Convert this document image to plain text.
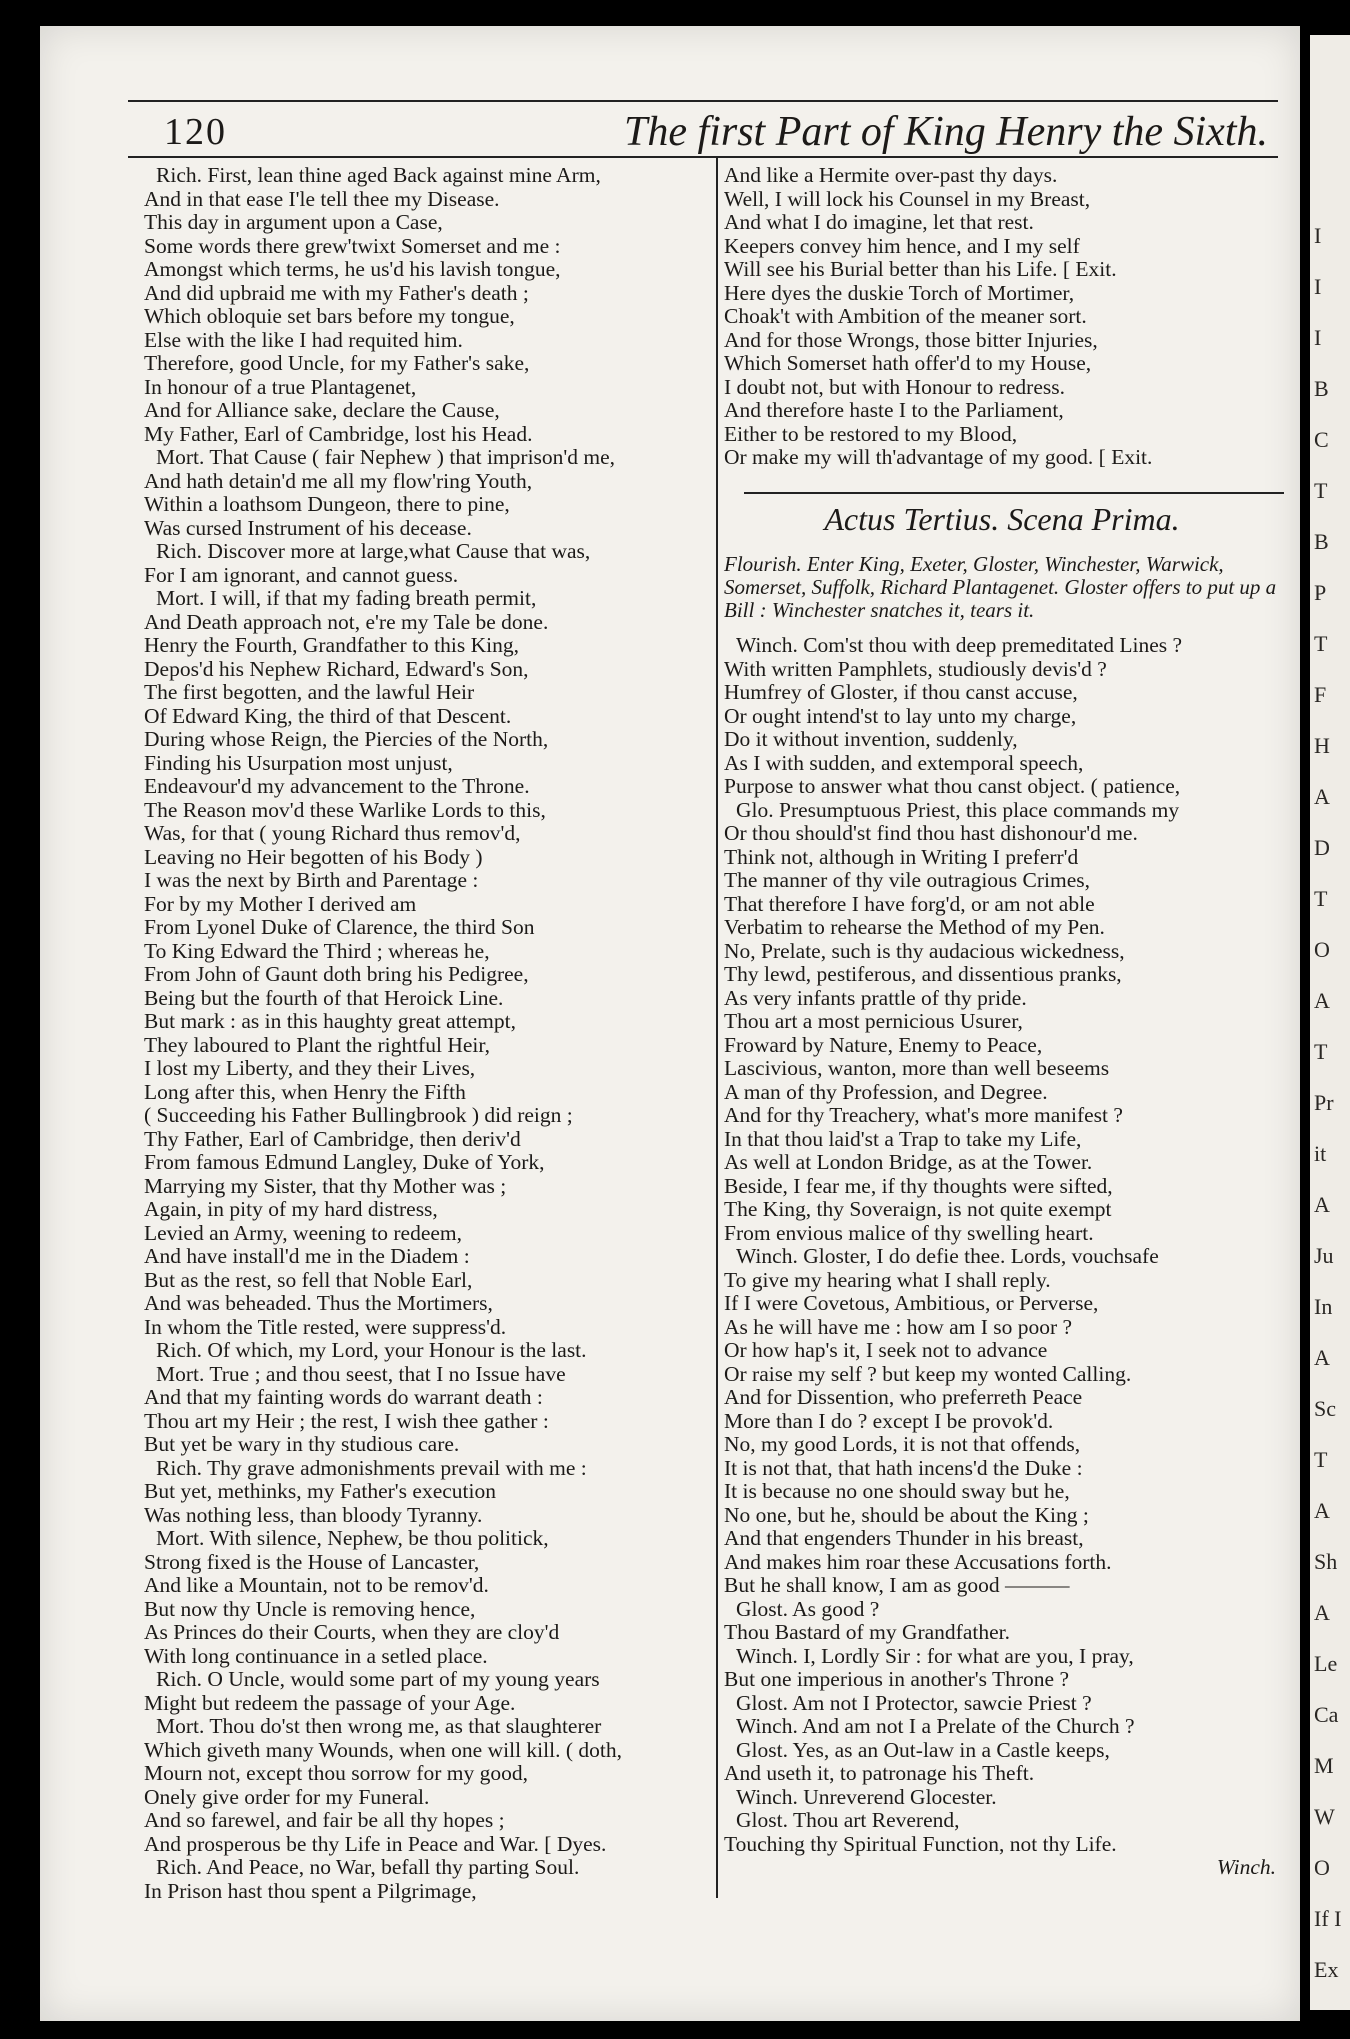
I
I
I
B
C
T
B
P
T
F
H
A
D
T
O
A
T
Pr
it
A
Ju
In
A
Sc
T
A
Sh
A
Le
Ca
M
W
O
If I
Ex
120	The first Part of King Henry the Sixth.
Rich. First, lean thine aged Back against mine Arm,
And in that ease I'le tell thee my Disease.
This day in argument upon a Case,
Some words there grew'twixt Somerset and me :
Amongst which terms, he us'd his lavish tongue,
And did upbraid me with my Father's death ;
Which obloquie set bars before my tongue,
Else with the like I had requited him.
Therefore, good Uncle, for my Father's sake,
In honour of a true Plantagenet,
And for Alliance sake, declare the Cause,
My Father, Earl of Cambridge, lost his Head.
Mort. That Cause ( fair Nephew ) that imprison'd me,
And hath detain'd me all my flow'ring Youth,
Within a loathsom Dungeon, there to pine,
Was cursed Instrument of his decease.
Rich. Discover more at large,what Cause that was,
For I am ignorant, and cannot guess.
Mort. I will, if that my fading breath permit,
And Death approach not, e're my Tale be done.
Henry the Fourth, Grandfather to this King,
Depos'd his Nephew Richard, Edward's Son,
The first begotten, and the lawful Heir
Of Edward King, the third of that Descent.
During whose Reign, the Piercies of the North,
Finding his Usurpation most unjust,
Endeavour'd my advancement to the Throne.
The Reason mov'd these Warlike Lords to this,
Was, for that ( young Richard thus remov'd,
Leaving no Heir begotten of his Body )
I was the next by Birth and Parentage :
For by my Mother I derived am
From Lyonel Duke of Clarence, the third Son
To King Edward the Third ; whereas he,
From John of Gaunt doth bring his Pedigree,
Being but the fourth of that Heroick Line.
But mark : as in this haughty great attempt,
They laboured to Plant the rightful Heir,
I lost my Liberty, and they their Lives,
Long after this, when Henry the Fifth
( Succeeding his Father Bullingbrook ) did reign ;
Thy Father, Earl of Cambridge, then deriv'd
From famous Edmund Langley, Duke of York,
Marrying my Sister, that thy Mother was ;
Again, in pity of my hard distress,
Levied an Army, weening to redeem,
And have install'd me in the Diadem :
But as the rest, so fell that Noble Earl,
And was beheaded. Thus the Mortimers,
In whom the Title rested, were suppress'd.
Rich. Of which, my Lord, your Honour is the last.
Mort. True ; and thou seest, that I no Issue have
And that my fainting words do warrant death :
Thou art my Heir ; the rest, I wish thee gather :
But yet be wary in thy studious care.
Rich. Thy grave admonishments prevail with me :
But yet, methinks, my Father's execution
Was nothing less, than bloody Tyranny.
Mort. With silence, Nephew, be thou politick,
Strong fixed is the House of Lancaster,
And like a Mountain, not to be remov'd.
But now thy Uncle is removing hence,
As Princes do their Courts, when they are cloy'd
With long continuance in a setled place.
Rich. O Uncle, would some part of my young years
Might but redeem the passage of your Age.
Mort. Thou do'st then wrong me, as that slaughterer
Which giveth many Wounds, when one will kill. ( doth,
Mourn not, except thou sorrow for my good,
Onely give order for my Funeral.
And so farewel, and fair be all thy hopes ;
And prosperous be thy Life in Peace and War. [ Dyes.
Rich. And Peace, no War, befall thy parting Soul.
In Prison hast thou spent a Pilgrimage,
And like a Hermite over-past thy days.
Well, I will lock his Counsel in my Breast,
And what I do imagine, let that rest.
Keepers convey him hence, and I my self
Will see his Burial better than his Life. [ Exit.
Here dyes the duskie Torch of Mortimer,
Choak't with Ambition of the meaner sort.
And for those Wrongs, those bitter Injuries,
Which Somerset hath offer'd to my House,
I doubt not, but with Honour to redress.
And therefore haste I to the Parliament,
Either to be restored to my Blood,
Or make my will th'advantage of my good. [ Exit.
Actus Tertius. Scena Prima.
Flourish. Enter King, Exeter, Gloster, Winchester, Warwick, Somerset, Suffolk, Richard Plantagenet. Gloster offers to put up a Bill : Winchester snatches it, tears it.
Winch. Com'st thou with deep premeditated Lines ?
With written Pamphlets, studiously devis'd ?
Humfrey of Gloster, if thou canst accuse,
Or ought intend'st to lay unto my charge,
Do it without invention, suddenly,
As I with sudden, and extemporal speech,
Purpose to answer what thou canst object. ( patience,
Glo. Presumptuous Priest, this place commands my
Or thou should'st find thou hast dishonour'd me.
Think not, although in Writing I preferr'd
The manner of thy vile outragious Crimes,
That therefore I have forg'd, or am not able
Verbatim to rehearse the Method of my Pen.
No, Prelate, such is thy audacious wickedness,
Thy lewd, pestiferous, and dissentious pranks,
As very infants prattle of thy pride.
Thou art a most pernicious Usurer,
Froward by Nature, Enemy to Peace,
Lascivious, wanton, more than well beseems
A man of thy Profession, and Degree.
And for thy Treachery, what's more manifest ?
In that thou laid'st a Trap to take my Life,
As well at London Bridge, as at the Tower.
Beside, I fear me, if thy thoughts were sifted,
The King, thy Soveraign, is not quite exempt
From envious malice of thy swelling heart.
Winch. Gloster, I do defie thee. Lords, vouchsafe
To give my hearing what I shall reply.
If I were Covetous, Ambitious, or Perverse,
As he will have me : how am I so poor ?
Or how hap's it, I seek not to advance
Or raise my self ? but keep my wonted Calling.
And for Dissention, who preferreth Peace
More than I do ? except I be provok'd.
No, my good Lords, it is not that offends,
It is not that, that hath incens'd the Duke :
It is because no one should sway but he,
No one, but he, should be about the King ;
And that engenders Thunder in his breast,
And makes him roar these Accusations forth.
But he shall know, I am as good ———
Glost. As good ?
Thou Bastard of my Grandfather.
Winch. I, Lordly Sir : for what are you, I pray,
But one imperious in another's Throne ?
Glost. Am not I Protector, sawcie Priest ?
Winch. And am not I a Prelate of the Church ?
Glost. Yes, as an Out-law in a Castle keeps,
And useth it, to patronage his Theft.
Winch. Unreverend Glocester.
Glost. Thou art Reverend,
Touching thy Spiritual Function, not thy Life.
Winch.
